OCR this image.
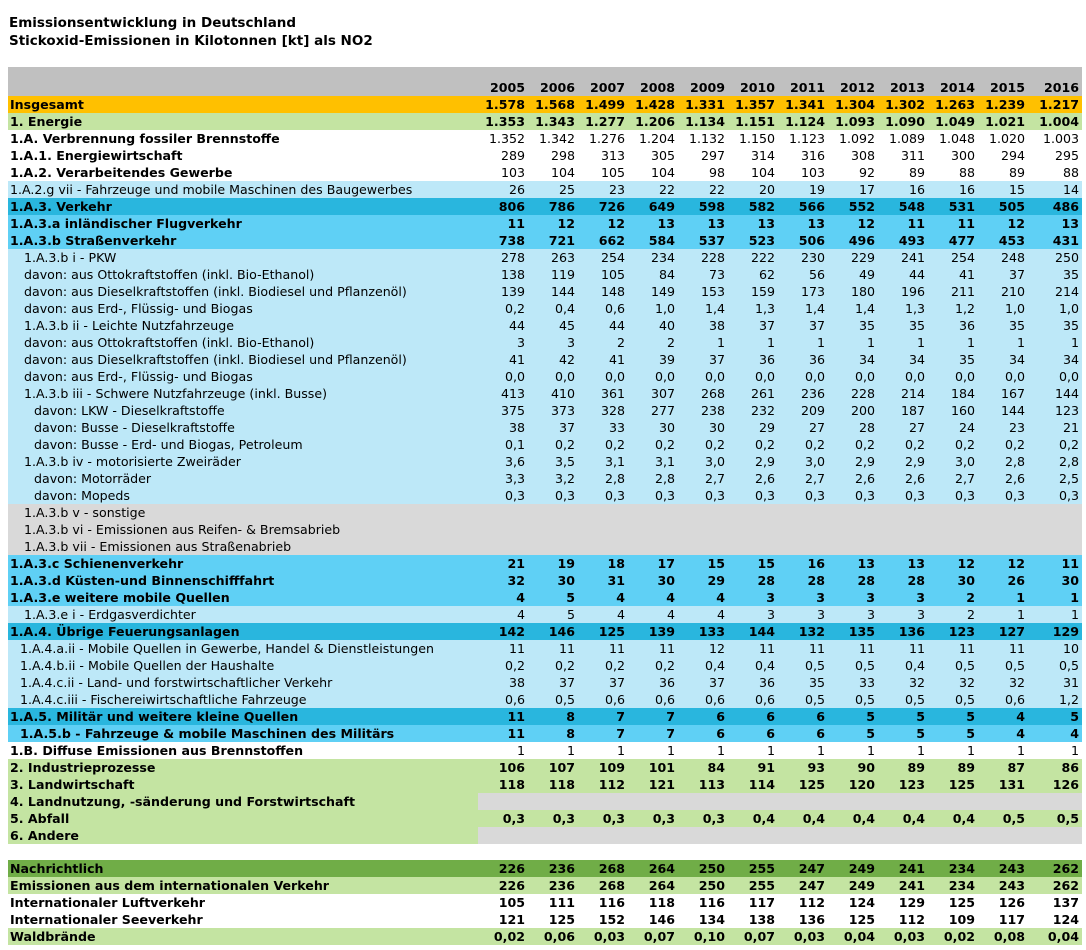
Emissionsentwicklung in Deutschland
Stickoxid-Emissionen in Kilotonnen [kt] als NO2

	2005	2006	2007	2008	2009	2010	2011	2012	2013	2014	2015	2016
Insgesamt	1.578	1.568	1.499	1.428	1.331	1.357	1.341	1.304	1.302	1.263	1.239	1.217
1. Energie	1.353	1.343	1.277	1.206	1.134	1.151	1.124	1.093	1.090	1.049	1.021	1.004
1.A. Verbrennung fossiler Brennstoffe	1.352	1.342	1.276	1.204	1.132	1.150	1.123	1.092	1.089	1.048	1.020	1.003
1.A.1. Energiewirtschaft	289	298	313	305	297	314	316	308	311	300	294	295
1.A.2. Verarbeitendes Gewerbe	103	104	105	104	98	104	103	92	89	88	89	88
1.A.2.g vii - Fahrzeuge und mobile Maschinen des Baugewerbes	26	25	23	22	22	20	19	17	16	16	15	14
1.A.3. Verkehr	806	786	726	649	598	582	566	552	548	531	505	486
1.A.3.a inländischer Flugverkehr	11	12	12	13	13	13	13	12	11	11	12	13
1.A.3.b Straßenverkehr	738	721	662	584	537	523	506	496	493	477	453	431
1.A.3.b i - PKW	278	263	254	234	228	222	230	229	241	254	248	250
davon: aus Ottokraftstoffen (inkl. Bio-Ethanol)	138	119	105	84	73	62	56	49	44	41	37	35
davon: aus Dieselkraftstoffen (inkl. Biodiesel und Pflanzenöl)	139	144	148	149	153	159	173	180	196	211	210	214
davon: aus Erd-, Flüssig- und Biogas	0,2	0,4	0,6	1,0	1,4	1,3	1,4	1,4	1,3	1,2	1,0	1,0
1.A.3.b ii - Leichte Nutzfahrzeuge	44	45	44	40	38	37	37	35	35	36	35	35
davon: aus Ottokraftstoffen (inkl. Bio-Ethanol)	3	3	2	2	1	1	1	1	1	1	1	1
davon: aus Dieselkraftstoffen (inkl. Biodiesel und Pflanzenöl)	41	42	41	39	37	36	36	34	34	35	34	34
davon: aus Erd-, Flüssig- und Biogas	0,0	0,0	0,0	0,0	0,0	0,0	0,0	0,0	0,0	0,0	0,0	0,0
1.A.3.b iii - Schwere Nutzfahrzeuge (inkl. Busse)	413	410	361	307	268	261	236	228	214	184	167	144
davon: LKW - Dieselkraftstoffe	375	373	328	277	238	232	209	200	187	160	144	123
davon: Busse - Dieselkraftstoffe	38	37	33	30	30	29	27	28	27	24	23	21
davon: Busse - Erd- und Biogas, Petroleum	0,1	0,2	0,2	0,2	0,2	0,2	0,2	0,2	0,2	0,2	0,2	0,2
1.A.3.b iv - motorisierte Zweiräder	3,6	3,5	3,1	3,1	3,0	2,9	3,0	2,9	2,9	3,0	2,8	2,8
davon: Motorräder	3,3	3,2	2,8	2,8	2,7	2,6	2,7	2,6	2,6	2,7	2,6	2,5
davon: Mopeds	0,3	0,3	0,3	0,3	0,3	0,3	0,3	0,3	0,3	0,3	0,3	0,3
1.A.3.b v - sonstige												
1.A.3.b vi - Emissionen aus Reifen- & Bremsabrieb												
1.A.3.b vii - Emissionen aus Straßenabrieb												
1.A.3.c Schienenverkehr	21	19	18	17	15	15	16	13	13	12	12	11
1.A.3.d Küsten-und Binnenschifffahrt	32	30	31	30	29	28	28	28	28	30	26	30
1.A.3.e weitere mobile Quellen	4	5	4	4	4	3	3	3	3	2	1	1
1.A.3.e i - Erdgasverdichter	4	5	4	4	4	3	3	3	3	2	1	1
1.A.4. Übrige Feuerungsanlagen	142	146	125	139	133	144	132	135	136	123	127	129
1.A.4.a.ii - Mobile Quellen in Gewerbe, Handel & Dienstleistungen	11	11	11	11	12	11	11	11	11	11	11	10
1.A.4.b.ii - Mobile Quellen der Haushalte	0,2	0,2	0,2	0,2	0,4	0,4	0,5	0,5	0,4	0,5	0,5	0,5
1.A.4.c.ii - Land- und forstwirtschaftlicher Verkehr	38	37	37	36	37	36	35	33	32	32	32	31
1.A.4.c.iii - Fischereiwirtschaftliche Fahrzeuge	0,6	0,5	0,6	0,6	0,6	0,6	0,5	0,5	0,5	0,5	0,6	1,2
1.A.5. Militär und weitere kleine Quellen	11	8	7	7	6	6	6	5	5	5	4	5
1.A.5.b - Fahrzeuge & mobile Maschinen des Militärs	11	8	7	7	6	6	6	5	5	5	4	4
1.B. Diffuse Emissionen aus Brennstoffen	1	1	1	1	1	1	1	1	1	1	1	1
2. Industrieprozesse	106	107	109	101	84	91	93	90	89	89	87	86
3. Landwirtschaft	118	118	112	121	113	114	125	120	123	125	131	126
4. Landnutzung, -sänderung und Forstwirtschaft												
5. Abfall	0,3	0,3	0,3	0,3	0,3	0,4	0,4	0,4	0,4	0,4	0,5	0,5
6. Andere												

Nachrichtlich	226	236	268	264	250	255	247	249	241	234	243	262
Emissionen aus dem internationalen Verkehr	226	236	268	264	250	255	247	249	241	234	243	262
Internationaler Luftverkehr	105	111	116	118	116	117	112	124	129	125	126	137
Internationaler Seeverkehr	121	125	152	146	134	138	136	125	112	109	117	124
Waldbrände	0,02	0,06	0,03	0,07	0,10	0,07	0,03	0,04	0,03	0,02	0,08	0,04
